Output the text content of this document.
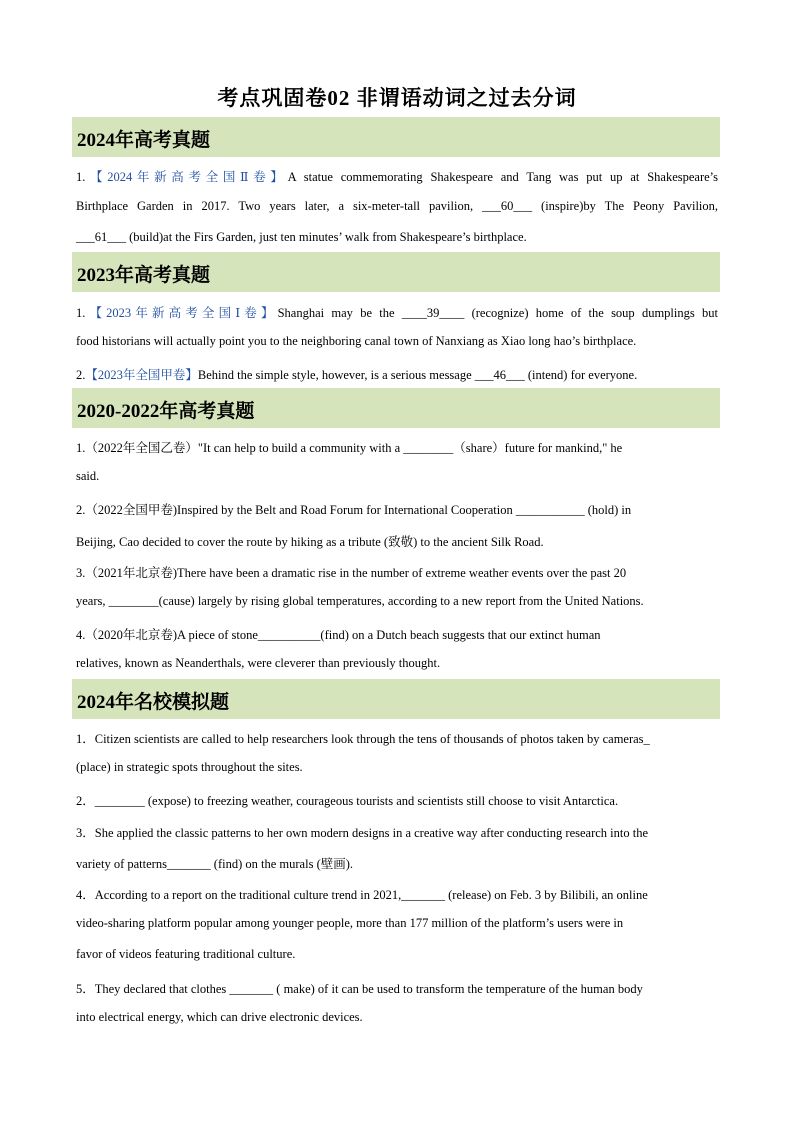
考点巩固卷02 非谓语动词之过去分词
2024年高考真题
1.【2024年新高考全国Ⅱ卷】A statue commemorating Shakespeare and Tang was put up at Shakespeare’s
Birthplace Garden in 2017. Two years later, a six-meter-tall pavilion, ___60___ (inspire)by The Peony Pavilion,
___61___ (build)at the Firs Garden, just ten minutes’ walk from Shakespeare’s birthplace.
2023年高考真题
1.【2023年新高考全国Ⅰ卷】Shanghai may be the ____39____ (recognize) home of the soup dumplings but
food historians will actually point you to the neighboring canal town of Nanxiang as Xiao long hao’s birthplace.
2.【2023年全国甲卷】Behind the simple style, however, is a serious message ___46___ (intend) for everyone.
2020-2022年高考真题
1.（2022年全国乙卷）"It can help to build a community with a ________（share）future for mankind," he
said.
2.（2022全国甲卷)Inspired by the Belt and Road Forum for International Cooperation ___________ (hold) in
Beijing, Cao decided to cover the route by hiking as a tribute (致敬) to the ancient Silk Road.
3.（2021年北京卷)There have been a dramatic rise in the number of extreme weather events over the past 20
years, ________(cause) largely by rising global temperatures, according to a new report from the United Nations.
4.（2020年北京卷)A piece of stone__________(find) on a Dutch beach suggests that our extinct human
relatives, known as Neanderthals, were cleverer than previously thought.
2024年名校模拟题
1．Citizen scientists are called to help researchers look through the tens of thousands of photos taken by cameras_
(place) in strategic spots throughout the sites.
2．________ (expose) to freezing weather, courageous tourists and scientists still choose to visit Antarctica.
3．She applied the classic patterns to her own modern designs in a creative way after conducting research into the
variety of patterns_______ (find) on the murals (壁画).
4．According to a report on the traditional culture trend in 2021,_______ (release) on Feb. 3 by Bilibili, an online
video-sharing platform popular among younger people, more than 177 million of the platform’s users were in
favor of videos featuring traditional culture.
5．They declared that clothes _______ ( make) of it can be used to transform the temperature of the human body
into electrical energy, which can drive electronic devices.
